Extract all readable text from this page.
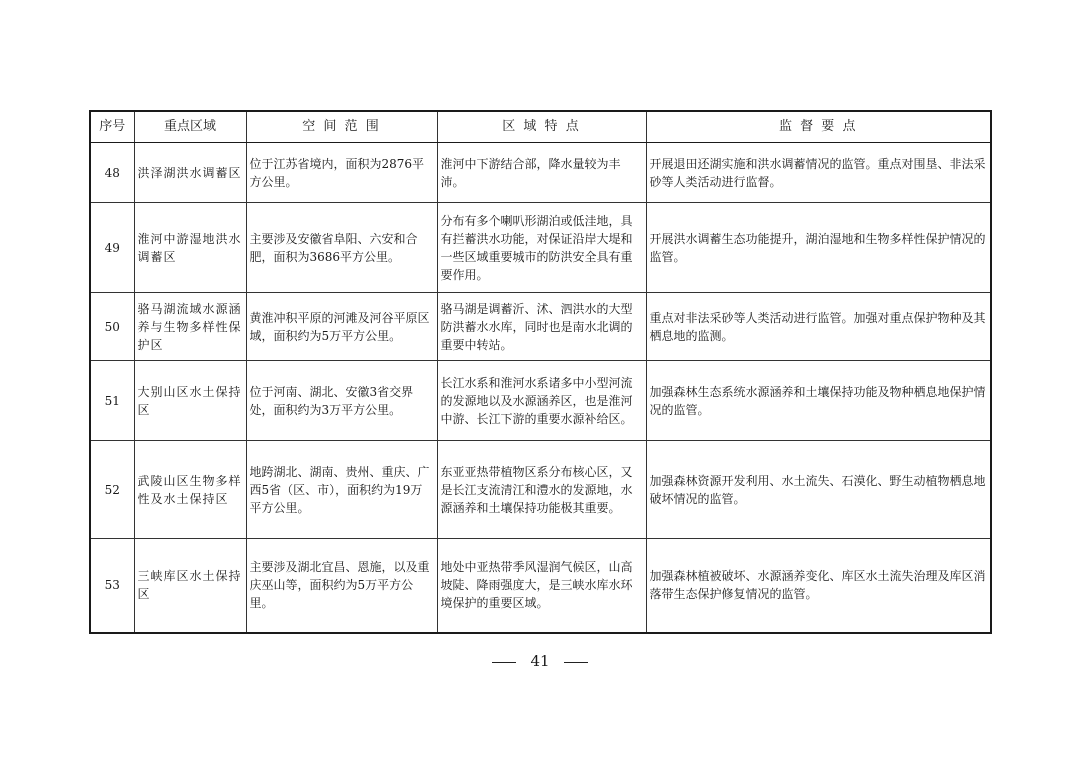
序号	重点区域	空 间 范 围	区 域 特 点	监 督 要 点
48	洪泽湖洪水调蓄区	位于江苏省境内，面积为2876平方公里。	淮河中下游结合部，降水量较为丰沛。	开展退田还湖实施和洪水调蓄情况的监管。重点对围垦、非法采砂等人类活动进行监督。
49	淮河中游湿地洪水调蓄区	主要涉及安徽省阜阳、六安和合肥，面积为3686平方公里。	分布有多个喇叭形湖泊或低洼地，具有拦蓄洪水功能，对保证沿岸大堤和一些区域重要城市的防洪安全具有重要作用。	开展洪水调蓄生态功能提升，湖泊湿地和生物多样性保护情况的监管。
50	骆马湖流域水源涵养与生物多样性保护区	黄淮冲积平原的河滩及河谷平原区域，面积约为5万平方公里。	骆马湖是调蓄沂、沭、泗洪水的大型防洪蓄水水库，同时也是南水北调的重要中转站。	重点对非法采砂等人类活动进行监管。加强对重点保护物种及其栖息地的监测。
51	大别山区水土保持区	位于河南、湖北、安徽3省交界处，面积约为3万平方公里。	长江水系和淮河水系诸多中小型河流的发源地以及水源涵养区，也是淮河中游、长江下游的重要水源补给区。	加强森林生态系统水源涵养和土壤保持功能及物种栖息地保护情况的监管。
52	武陵山区生物多样性及水土保持区	地跨湖北、湖南、贵州、重庆、广西5省（区、市），面积约为19万平方公里。	东亚亚热带植物区系分布核心区，又是长江支流清江和澧水的发源地，水源涵养和土壤保持功能极其重要。	加强森林资源开发利用、水土流失、石漠化、野生动植物栖息地破坏情况的监管。
53	三峡库区水土保持区	主要涉及湖北宜昌、恩施，以及重庆巫山等，面积约为5万平方公里。	地处中亚热带季风湿润气候区，山高坡陡、降雨强度大，是三峡水库水环境保护的重要区域。	加强森林植被破坏、水源涵养变化、库区水土流失治理及库区消落带生态保护修复情况的监管。
41
